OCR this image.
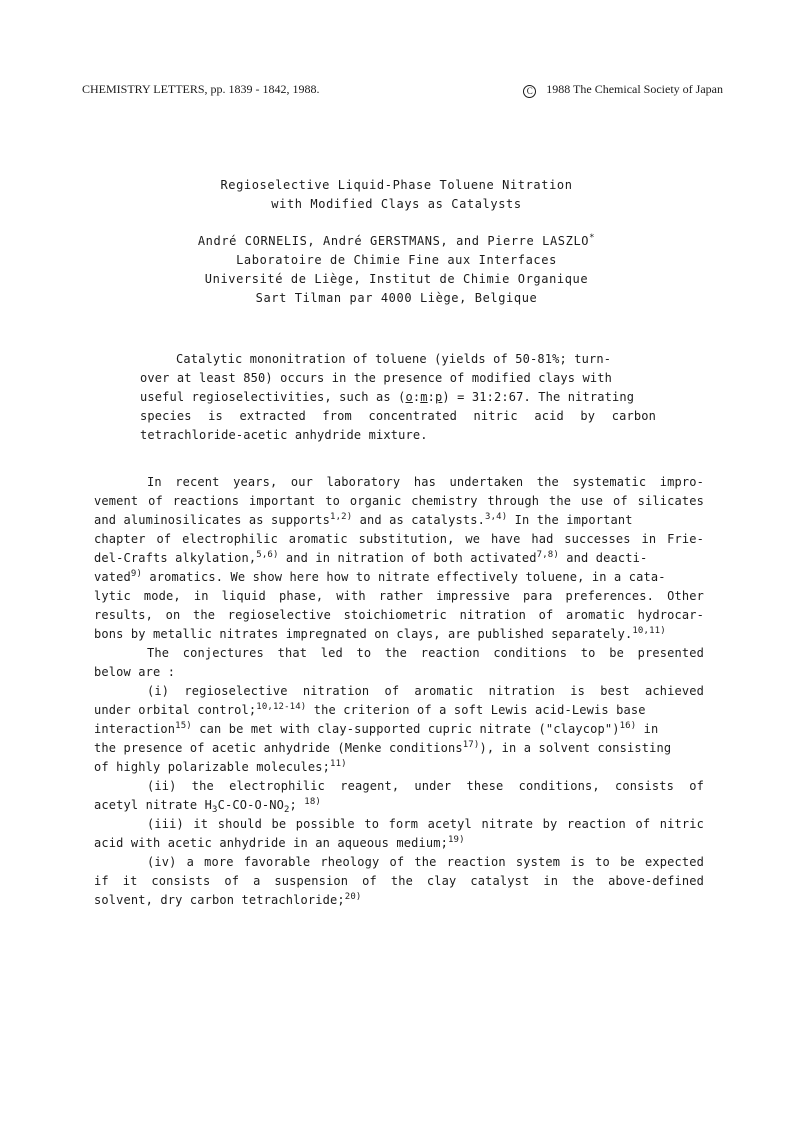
CHEMISTRY LETTERS, pp. 1839 - 1842, 1988.	C 1988 The Chemical Society of Japan
Regioselective Liquid-Phase Toluene Nitration
with Modified Clays as Catalysts
André CORNELIS, André GERSTMANS, and Pierre LASZLO*
Laboratoire de Chimie Fine aux Interfaces
Université de Liège, Institut de Chimie Organique
Sart Tilman par 4000 Liège, Belgique

Catalytic mononitration of toluene (yields of 50-81%; turn-

over at least 850) occurs in the presence of modified clays with

useful regioselectivities, such as (o:m:p) = 31:2:67. The nitrating

species is extracted from concentrated nitric acid by carbon

tetrachloride-acetic anhydride mixture.

In recent years, our laboratory has undertaken the systematic impro-

vement of reactions important to organic chemistry through the use of silicates

and aluminosilicates as supports$^{1,2)}$ and as catalysts.$^{3,4)}$ In the important

chapter of electrophilic aromatic substitution, we have had successes in Frie-

del-Crafts alkylation,$^{5,6)}$ and in nitration of both activated$^{7,8)}$ and deacti-

vated$^{9)}$ aromatics. We show here how to nitrate effectively toluene, in a cata-

lytic mode, in liquid phase, with rather impressive para preferences. Other

results, on the regioselective stoichiometric nitration of aromatic hydrocar-

bons by metallic nitrates impregnated on clays, are published separately.$^{10,11)}$

The conjectures that led to the reaction conditions to be presented

below are :

(i) regioselective nitration of aromatic nitration is best achieved

under orbital control;$^{10,12-14)}$ the criterion of a soft Lewis acid-Lewis base

interaction$^{15)}$ can be met with clay-supported cupric nitrate ("claycop")$^{16)}$ in

the presence of acetic anhydride (Menke conditions$^{17)}$), in a solvent consisting

of highly polarizable molecules;$^{11)}$

(ii) the electrophilic reagent, under these conditions, consists of

acetyl nitrate $H_3C-CO-O-NO_2$; $^{18)}$

(iii) it should be possible to form acetyl nitrate by reaction of nitric

acid with acetic anhydride in an aqueous medium;$^{19)}$

(iv) a more favorable rheology of the reaction system is to be expected

if it consists of a suspension of the clay catalyst in the above-defined

solvent, dry carbon tetrachloride;$^{20)}$
